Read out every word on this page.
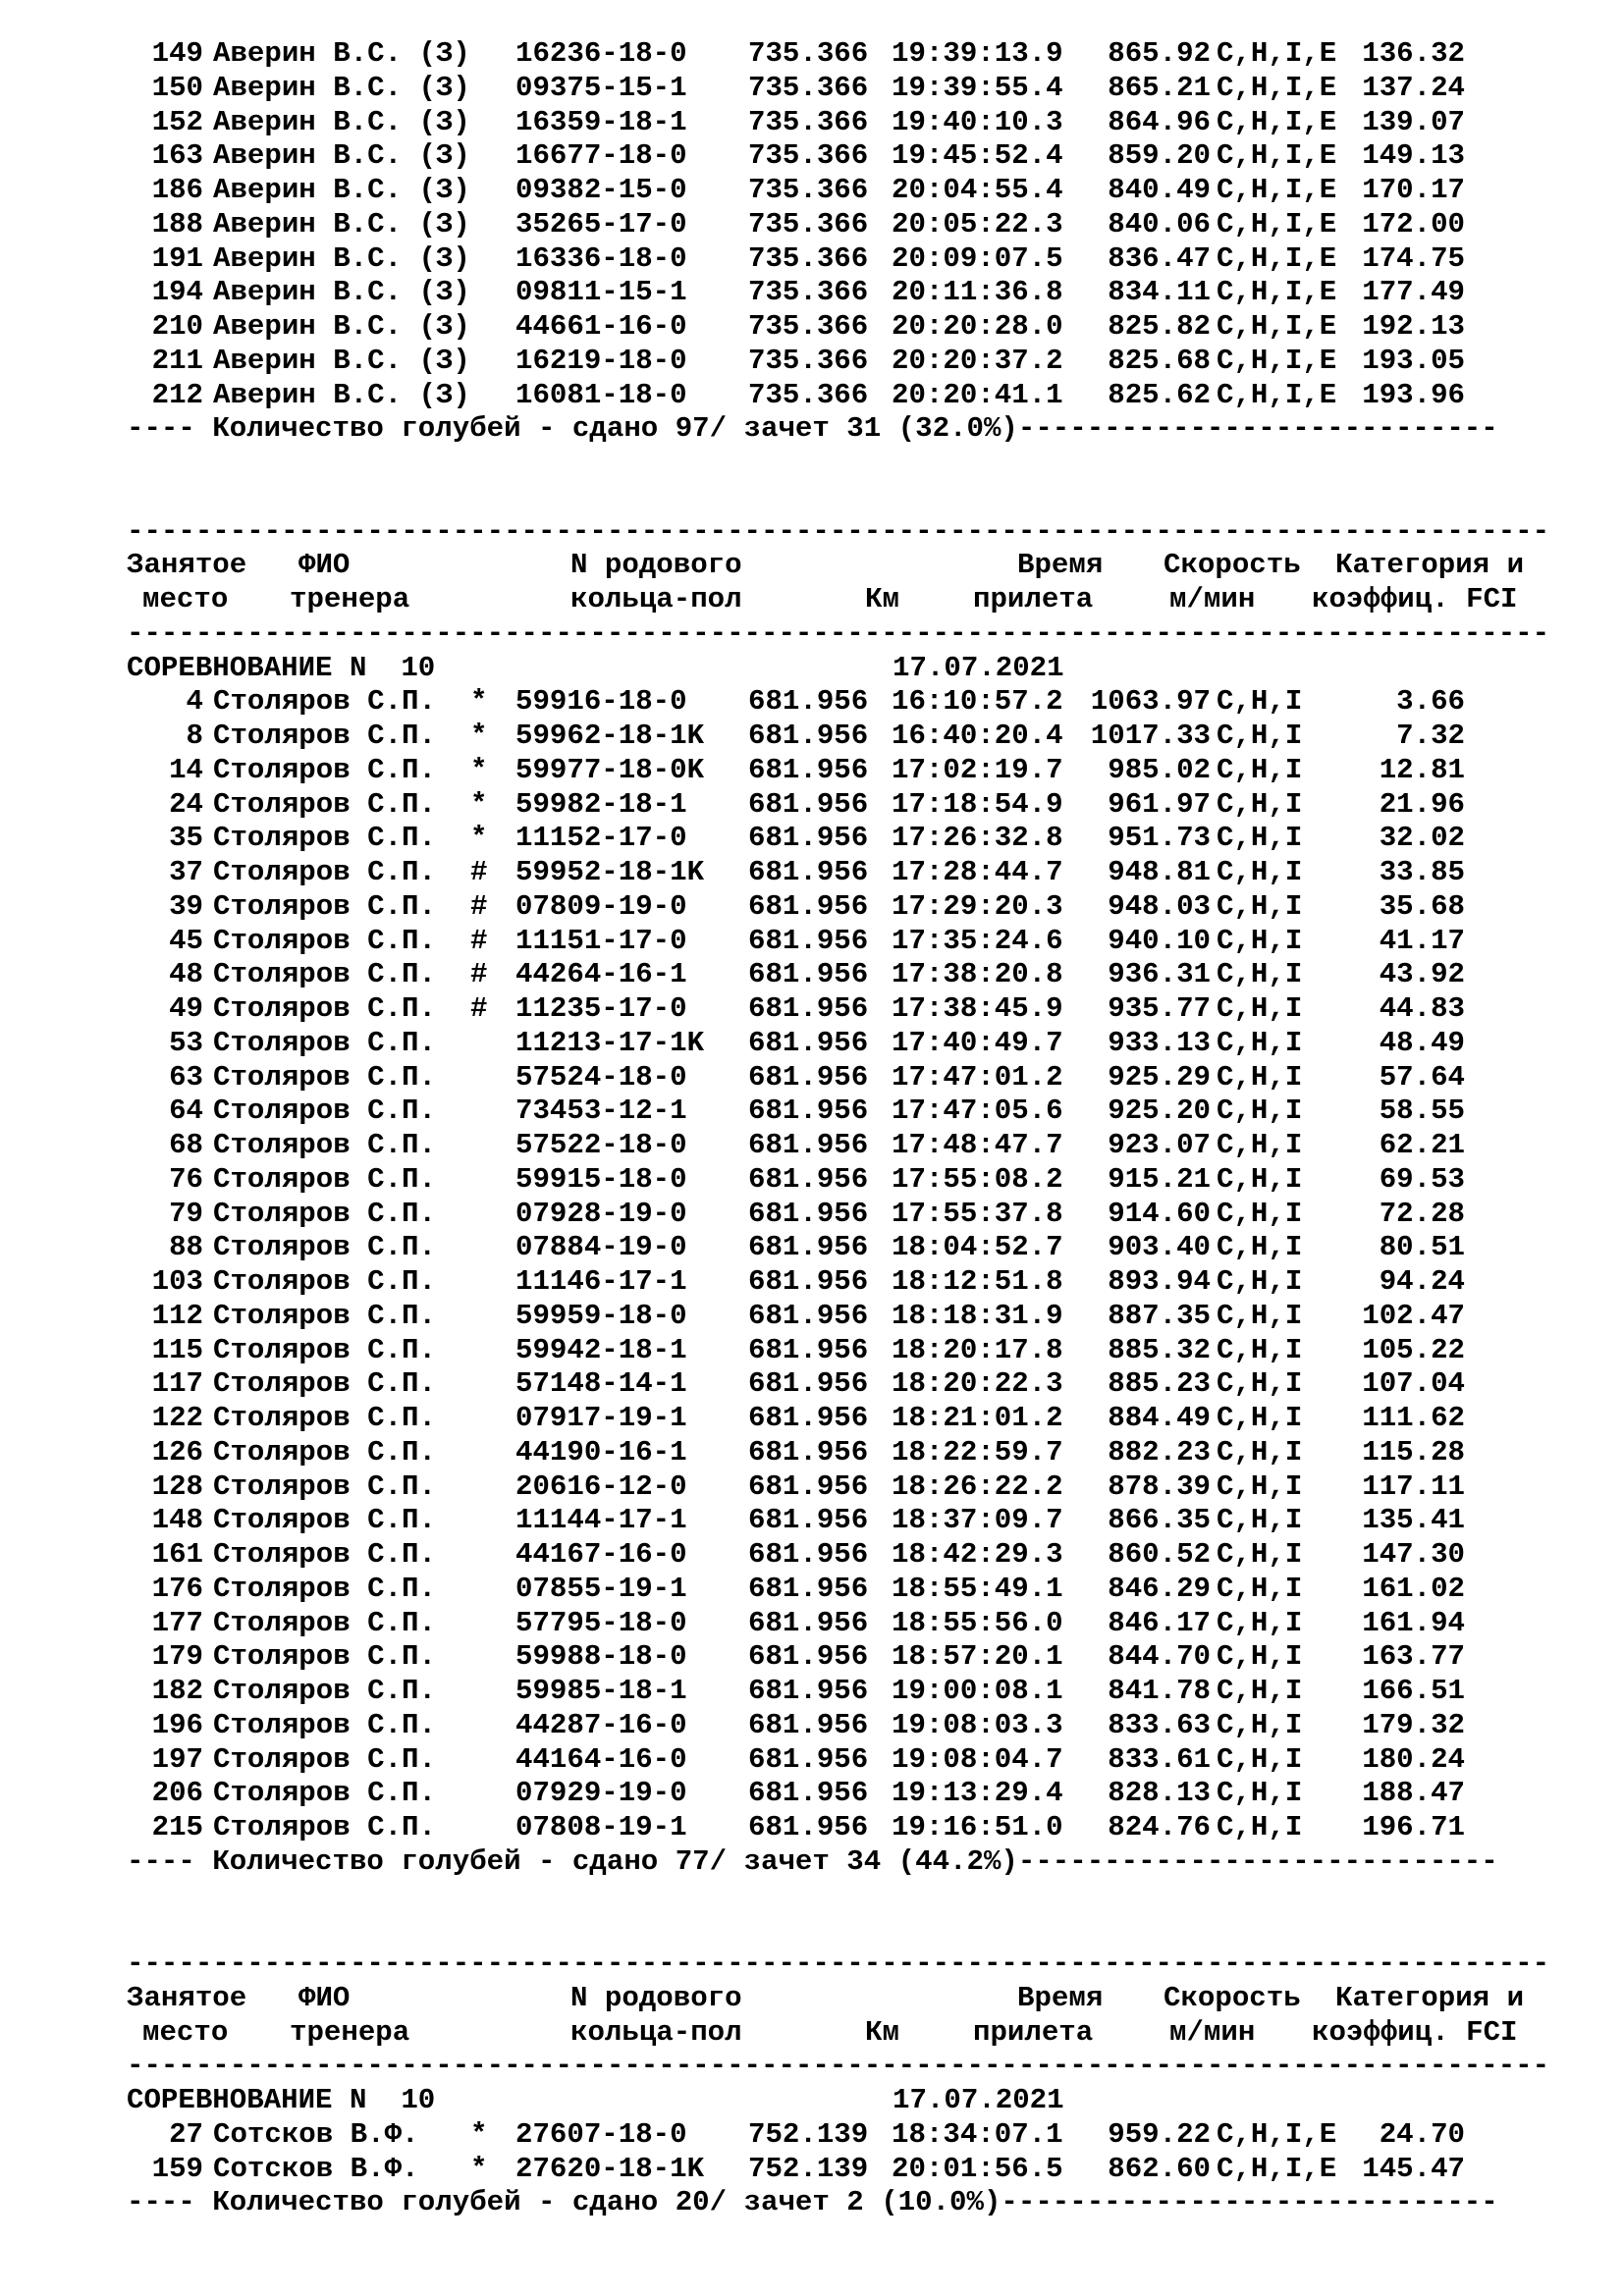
149 Аверин В.С. (З) 16236-18-0	735.366 19:39:13.9	865.92 C,H,I,E 136.32
150 Аверин В.С. (З) 09375-15-1	735.366 19:39:55.4	865.21 C,H,I,E 137.24
152 Аверин В.С. (З) 16359-18-1	735.366 19:40:10.3	864.96 C,H,I,E 139.07
163 Аверин В.С. (З) 16677-18-0	735.366 19:45:52.4	859.20 C,H,I,E 149.13
186 Аверин В.С. (З) 09382-15-0	735.366 20:04:55.4	840.49 C,H,I,E 170.17
188 Аверин В.С. (З) 35265-17-0	735.366 20:05:22.3	840.06 C,H,I,E 172.00
191 Аверин В.С. (З) 16336-18-0	735.366 20:09:07.5	836.47 C,H,I,E 174.75
194 Аверин В.С. (З) 09811-15-1	735.366 20:11:36.8	834.11 C,H,I,E 177.49
210 Аверин В.С. (З) 44661-16-0	735.366 20:20:28.0	825.82 C,H,I,E 192.13
211 Аверин В.С. (З) 16219-18-0	735.366 20:20:37.2	825.68 C,H,I,E 193.05
212 Аверин В.С. (З) 16081-18-0	735.366 20:20:41.1	825.62 C,H,I,E 193.96
---- Количество голубей - сдано 97/ зачет 31 (32.0%)----------------------------
-----------------------------------------------------------------------------------
Занятое	ФИО	N родового	Время	Скорость	Категория и
место	тренера	кольца-пол	Км	прилета	м/мин	коэффиц. FCI
-----------------------------------------------------------------------------------
СОРЕВНОВАНИЕ N  10	17.07.2021
4 Столяров С.П.	* 59916-18-0	681.956 16:10:57.2 1063.97 C,H,I	3.66
8 Столяров С.П.	* 59962-18-1K	681.956 16:40:20.4 1017.33 C,H,I	7.32
14 Столяров С.П.	* 59977-18-0K	681.956 17:02:19.7	985.02 C,H,I	12.81
24 Столяров С.П.	* 59982-18-1	681.956 17:18:54.9	961.97 C,H,I	21.96
35 Столяров С.П.	* 11152-17-0	681.956 17:26:32.8	951.73 C,H,I	32.02
37 Столяров С.П.	# 59952-18-1K	681.956 17:28:44.7	948.81 C,H,I	33.85
39 Столяров С.П.	# 07809-19-0	681.956 17:29:20.3	948.03 C,H,I	35.68
45 Столяров С.П.	# 11151-17-0	681.956 17:35:24.6	940.10 C,H,I	41.17
48 Столяров С.П.	# 44264-16-1	681.956 17:38:20.8	936.31 C,H,I	43.92
49 Столяров С.П.	# 11235-17-0	681.956 17:38:45.9	935.77 C,H,I	44.83
53 Столяров С.П.	11213-17-1K	681.956 17:40:49.7	933.13 C,H,I	48.49
63 Столяров С.П.	57524-18-0	681.956 17:47:01.2	925.29 C,H,I	57.64
64 Столяров С.П.	73453-12-1	681.956 17:47:05.6	925.20 C,H,I	58.55
68 Столяров С.П.	57522-18-0	681.956 17:48:47.7	923.07 C,H,I	62.21
76 Столяров С.П.	59915-18-0	681.956 17:55:08.2	915.21 C,H,I	69.53
79 Столяров С.П.	07928-19-0	681.956 17:55:37.8	914.60 C,H,I	72.28
88 Столяров С.П.	07884-19-0	681.956 18:04:52.7	903.40 C,H,I	80.51
103 Столяров С.П.	11146-17-1	681.956 18:12:51.8	893.94 C,H,I	94.24
112 Столяров С.П.	59959-18-0	681.956 18:18:31.9	887.35 C,H,I	102.47
115 Столяров С.П.	59942-18-1	681.956 18:20:17.8	885.32 C,H,I	105.22
117 Столяров С.П.	57148-14-1	681.956 18:20:22.3	885.23 C,H,I	107.04
122 Столяров С.П.	07917-19-1	681.956 18:21:01.2	884.49 C,H,I	111.62
126 Столяров С.П.	44190-16-1	681.956 18:22:59.7	882.23 C,H,I	115.28
128 Столяров С.П.	20616-12-0	681.956 18:26:22.2	878.39 C,H,I	117.11
148 Столяров С.П.	11144-17-1	681.956 18:37:09.7	866.35 C,H,I	135.41
161 Столяров С.П.	44167-16-0	681.956 18:42:29.3	860.52 C,H,I	147.30
176 Столяров С.П.	07855-19-1	681.956 18:55:49.1	846.29 C,H,I	161.02
177 Столяров С.П.	57795-18-0	681.956 18:55:56.0	846.17 C,H,I	161.94
179 Столяров С.П.	59988-18-0	681.956 18:57:20.1	844.70 C,H,I	163.77
182 Столяров С.П.	59985-18-1	681.956 19:00:08.1	841.78 C,H,I	166.51
196 Столяров С.П.	44287-16-0	681.956 19:08:03.3	833.63 C,H,I	179.32
197 Столяров С.П.	44164-16-0	681.956 19:08:04.7	833.61 C,H,I	180.24
206 Столяров С.П.	07929-19-0	681.956 19:13:29.4	828.13 C,H,I	188.47
215 Столяров С.П.	07808-19-1	681.956 19:16:51.0	824.76 C,H,I	196.71
---- Количество голубей - сдано 77/ зачет 34 (44.2%)----------------------------
-----------------------------------------------------------------------------------
Занятое	ФИО	N родового	Время	Скорость	Категория и
место	тренера	кольца-пол	Км	прилета	м/мин	коэффиц. FCI
-----------------------------------------------------------------------------------
СОРЕВНОВАНИЕ N  10	17.07.2021
27 Сотсков В.Ф.	* 27607-18-0	752.139 18:34:07.1	959.22 C,H,I,E	24.70
159 Сотсков В.Ф.	* 27620-18-1K	752.139 20:01:56.5	862.60 C,H,I,E 145.47
---- Количество голубей - сдано 20/ зачет 2 (10.0%)-----------------------------
